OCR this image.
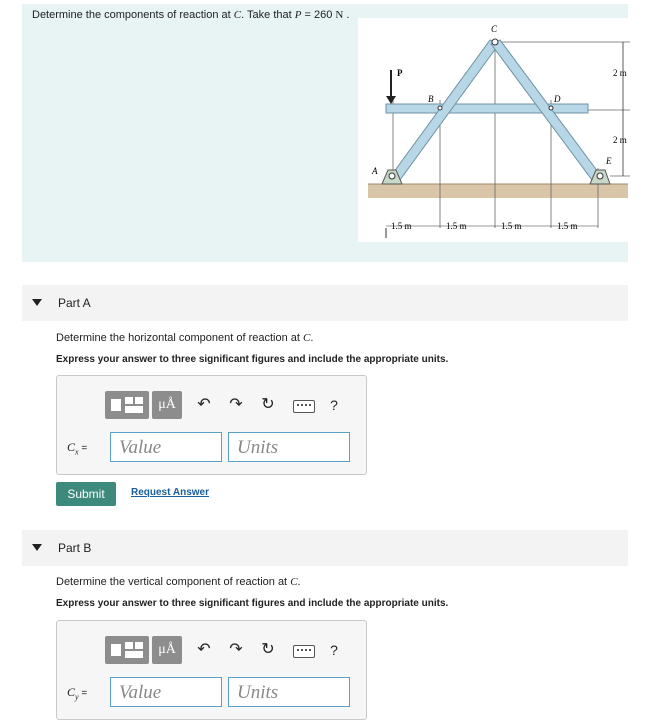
Determine the components of reaction at C. Take that P = 260 N .
P
A
B
C
D
E
2 m
2 m
1.5 m	1.5 m	1.5 m	1.5 m
Part A
Determine the horizontal component of reaction at C.
Express your answer to three significant figures and include the appropriate units.
μÅ	↶ ↷ ↻	?
$C_x$ =	Value	Units
Submit	Request Answer
Part B
Determine the vertical component of reaction at C.
Express your answer to three significant figures and include the appropriate units.
μÅ	↶ ↷ ↻	?
$C_y$ =	Value	Units
